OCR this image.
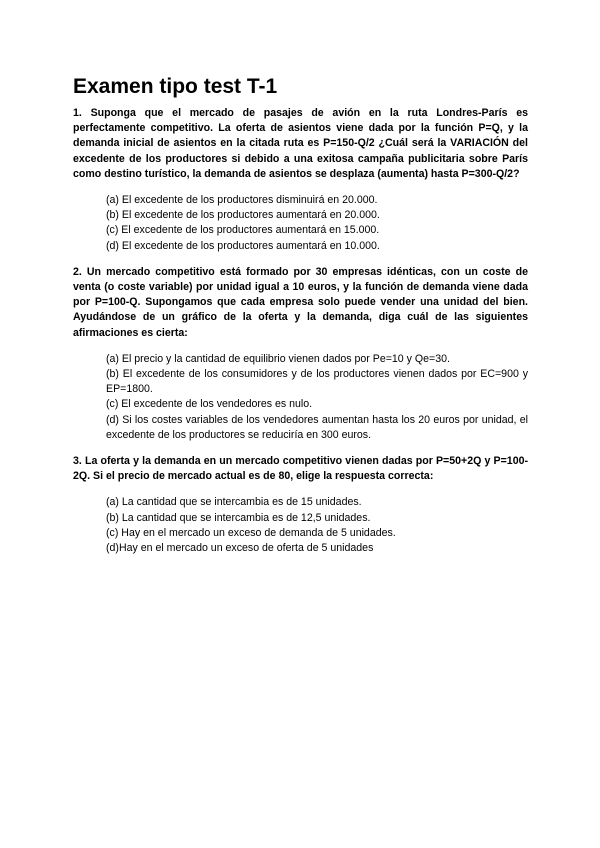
Examen tipo test T-1

1. Suponga que el mercado de pasajes de avión en la ruta Londres-París es perfectamente competitivo. La oferta de asientos viene dada por la función P=Q, y la demanda inicial de asientos en la citada ruta es P=150-Q/2 ¿Cuál será la VARIACIÓN del excedente de los productores si debido a una exitosa campaña publicitaria sobre París como destino turístico, la demanda de asientos se desplaza (aumenta) hasta P=300-Q/2?

(a) El excedente de los productores disminuirá en 20.000.
(b) El excedente de los productores aumentará en 20.000.
(c) El excedente de los productores aumentará en 15.000.
(d) El excedente de los productores aumentará en 10.000.

2. Un mercado competitivo está formado por 30 empresas idénticas, con un coste de venta (o coste variable) por unidad igual a 10 euros, y la función de demanda viene dada por P=100-Q. Supongamos que cada empresa solo puede vender una unidad del bien. Ayudándose de un gráfico de la oferta y la demanda, diga cuál de las siguientes afirmaciones es cierta:

(a) El precio y la cantidad de equilibrio vienen dados por Pe=10 y Qe=30.
(b) El excedente de los consumidores y de los productores vienen dados por EC=900 y EP=1800.
(c) El excedente de los vendedores es nulo.
(d) Si los costes variables de los vendedores aumentan hasta los 20 euros por unidad, el excedente de los productores se reduciría en 300 euros.

3. La oferta y la demanda en un mercado competitivo vienen dadas por P=50+2Q y P=100-2Q. Si el precio de mercado actual es de 80, elige la respuesta correcta:

(a) La cantidad que se intercambia es de 15 unidades.
(b) La cantidad que se intercambia es de 12,5 unidades.
(c) Hay en el mercado un exceso de demanda de 5 unidades.
(d)Hay en el mercado un exceso de oferta de 5 unidades
